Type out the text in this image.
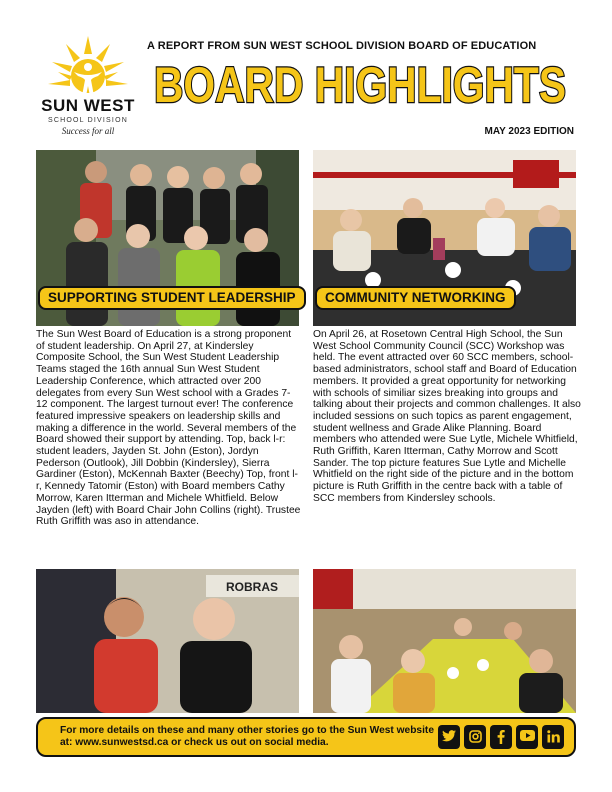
SUN WEST
SCHOOL DIVISION
Success for all
A REPORT FROM SUN WEST SCHOOL DIVISION BOARD OF EDUCATION
BOARD HIGHLIGHTS
MAY 2023 EDITION
SUPPORTING STUDENT LEADERSHIP	COMMUNITY NETWORKING
The Sun West Board of Education is a strong proponent of student leadership. On April 27, at Kindersley Composite School, the Sun West Student Leadership Teams staged the 16th annual Sun West Student Leadership Conference, which attracted over 200 delegates from every Sun West school with a Grades 7-12 component. The largest turnout ever! The conference featured impressive speakers on leadership skills and making a difference in the world. Several members of the Board showed their support by attending. Top, back l-r: student leaders, Jayden St. John (Eston), Jordyn Pederson (Outlook), Jill Dobbin (Kindersley), Sierra Gardiner (Eston), McKennah Baxter (Beechy) Top, front l-r, Kennedy Tatomir (Eston) with Board members Cathy Morrow, Karen Itterman and Michele Whitfield. Below Jayden (left) with Board Chair John Collins (right). Trustee Ruth Griffith was aso in attendance.
On April 26, at Rosetown Central High School, the Sun West School Community Council (SCC) Workshop was held. The event attracted over 60 SCC members, school-based administrators, school staff and Board of Education members. It provided a great opportunity for networking with schools of similiar sizes breaking into groups and talking about their projects and common challenges. It also included sessions on such topics as parent engagement, student wellness and Grade Alike Planning. Board members who attended were Sue Lytle, Michele Whitfield, Ruth Griffith, Karen Itterman, Cathy Morrow and Scott Sander. The top picture features Sue Lytle and Michelle Whitfield on the right side of the picture and in the bottom picture is Ruth Griffith in the centre back with a table of SCC members from Kindersley schools.
ROBRAS
For more details on these and many other stories go to the Sun West website at: www.sunwestsd.ca or check us out on social media.
